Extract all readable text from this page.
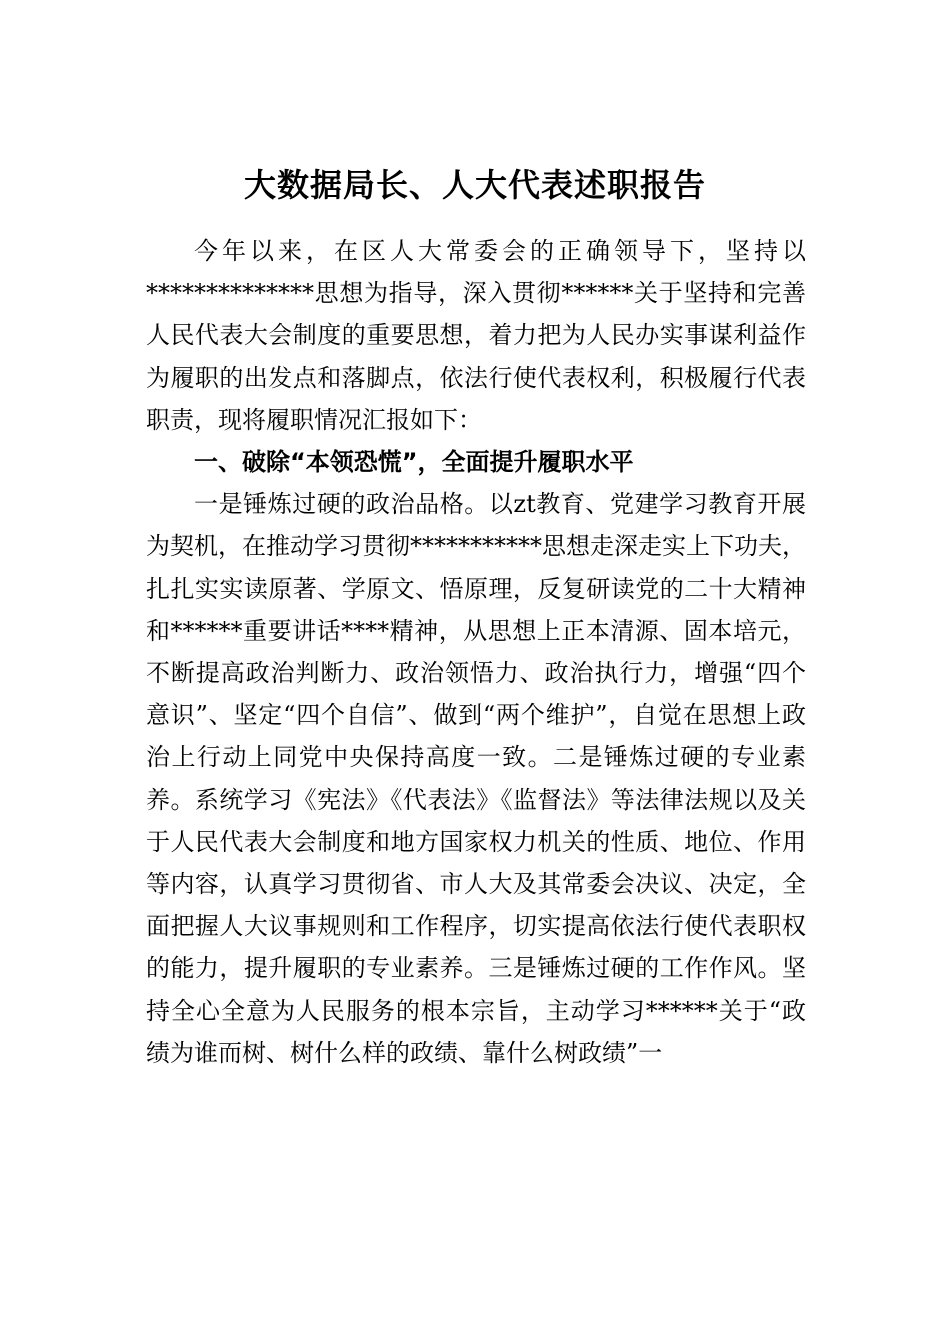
大数据局长、人大代表述职报告

今年以来，在区人大常委会的正确领导下，坚持以**************思想为指导，深入贯彻******关于坚持和完善人民代表大会制度的重要思想，着力把为人民办实事谋利益作为履职的出发点和落脚点，依法行使代表权利，积极履行代表职责，现将履职情况汇报如下：

一、破除“本领恐慌”，全面提升履职水平

一是锤炼过硬的政治品格。以zt教育、党建学习教育开展为契机，在推动学习贯彻***********思想走深走实上下功夫，扎扎实实读原著、学原文、悟原理，反复研读党的二十大精神和******重要讲话****精神，从思想上正本清源、固本培元，不断提高政治判断力、政治领悟力、政治执行力，增强“四个意识”、坚定“四个自信”、做到“两个维护”，自觉在思想上政治上行动上同党中央保持高度一致。二是锤炼过硬的专业素养。系统学习《宪法》《代表法》《监督法》等法律法规以及关于人民代表大会制度和地方国家权力机关的性质、地位、作用等内容，认真学习贯彻省、市人大及其常委会决议、决定，全面把握人大议事规则和工作程序，切实提高依法行使代表职权的能力，提升履职的专业素养。三是锤炼过硬的工作作风。坚持全心全意为人民服务的根本宗旨，主动学习******关于“政绩为谁而树、树什么样的政绩、靠什么树政绩”一
